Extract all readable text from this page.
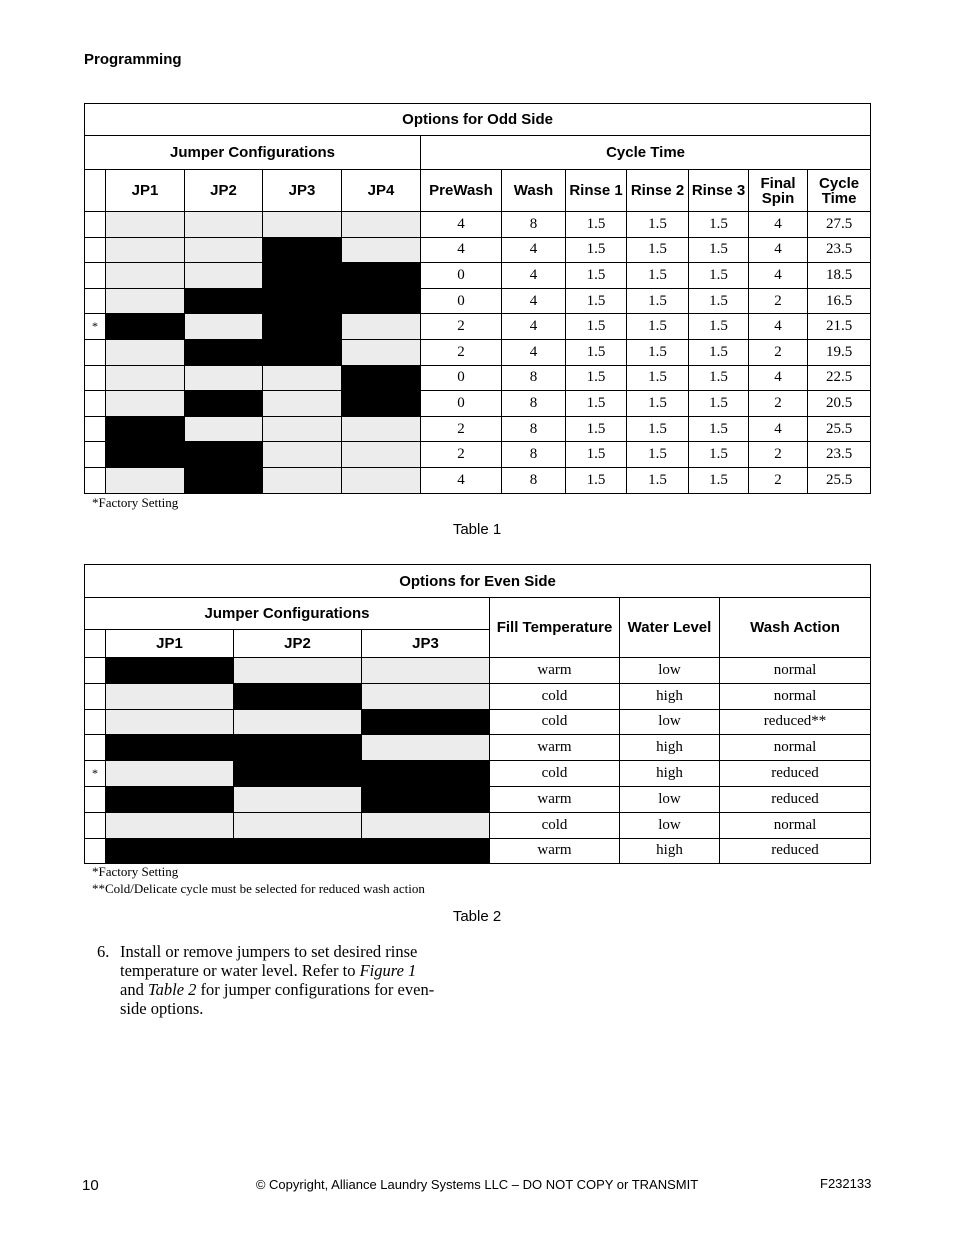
Programming
Options for Odd Side											
Jumper Configurations					Cycle Time						
	JP1	JP2	JP3	JP4	PreWash	Wash	Rinse 1	Rinse 2	Rinse 3	Final Spin	Cycle Time
					4	8	1.5	1.5	1.5	4	27.5
					4	4	1.5	1.5	1.5	4	23.5
					0	4	1.5	1.5	1.5	4	18.5
					0	4	1.5	1.5	1.5	2	16.5
*					2	4	1.5	1.5	1.5	4	21.5
					2	4	1.5	1.5	1.5	2	19.5
					0	8	1.5	1.5	1.5	4	22.5
					0	8	1.5	1.5	1.5	2	20.5
					2	8	1.5	1.5	1.5	4	25.5
					2	8	1.5	1.5	1.5	2	23.5
					4	8	1.5	1.5	1.5	2	25.5
*Factory Setting
Table 1
Options for Even Side						
Jumper Configurations				Fill Temperature	Water Level	Wash Action
	JP1	JP2	JP3			
				warm	low	normal
				cold	high	normal
				cold	low	reduced**
				warm	high	normal
*				cold	high	reduced
				warm	low	reduced
				cold	low	normal
				warm	high	reduced
*Factory Setting
**Cold/Delicate cycle must be selected for reduced wash action
Table 2
6. Install or remove jumpers to set desired rinse temperature or water level. Refer to Figure 1 and Table 2 for jumper configurations for even-side options.
10	© Copyright, Alliance Laundry Systems LLC – DO NOT COPY or TRANSMIT	F232133
